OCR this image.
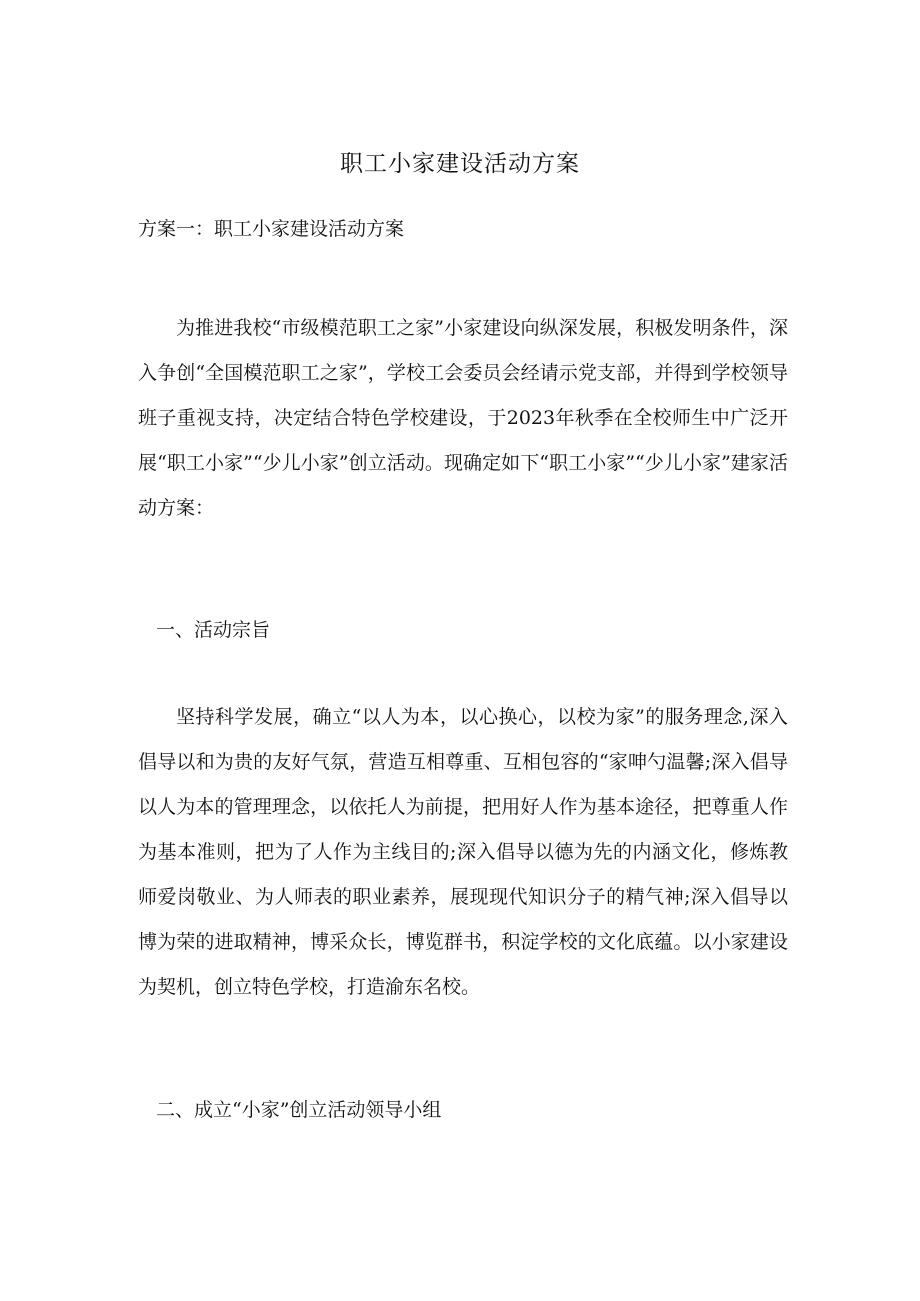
职工小家建设活动方案

方案一：职工小家建设活动方案

为推进我校“市级模范职工之家”小家建设向纵深发展，积极发明条件，深入争创“全国模范职工之家”，学校工会委员会经请示党支部，并得到学校领导班子重视支持，决定结合特色学校建设，于2023年秋季在全校师生中广泛开展“职工小家”“少儿小家”创立活动。现确定如下“职工小家”“少儿小家”建家活动方案：

一、活动宗旨

坚持科学发展，确立“以人为本，以心换心，以校为家”的服务理念,深入倡导以和为贵的友好气氛，营造互相尊重、互相包容的“家呻勺温馨;深入倡导以人为本的管理理念，以依托人为前提，把用好人作为基本途径，把尊重人作为基本准则，把为了人作为主线目的;深入倡导以德为先的内涵文化，修炼教师爱岗敬业、为人师表的职业素养，展现现代知识分子的精气神;深入倡导以博为荣的进取精神，博采众长，博览群书，积淀学校的文化底蕴。以小家建设为契机，创立特色学校，打造渝东名校。

二、成立“小家”创立活动领导小组
